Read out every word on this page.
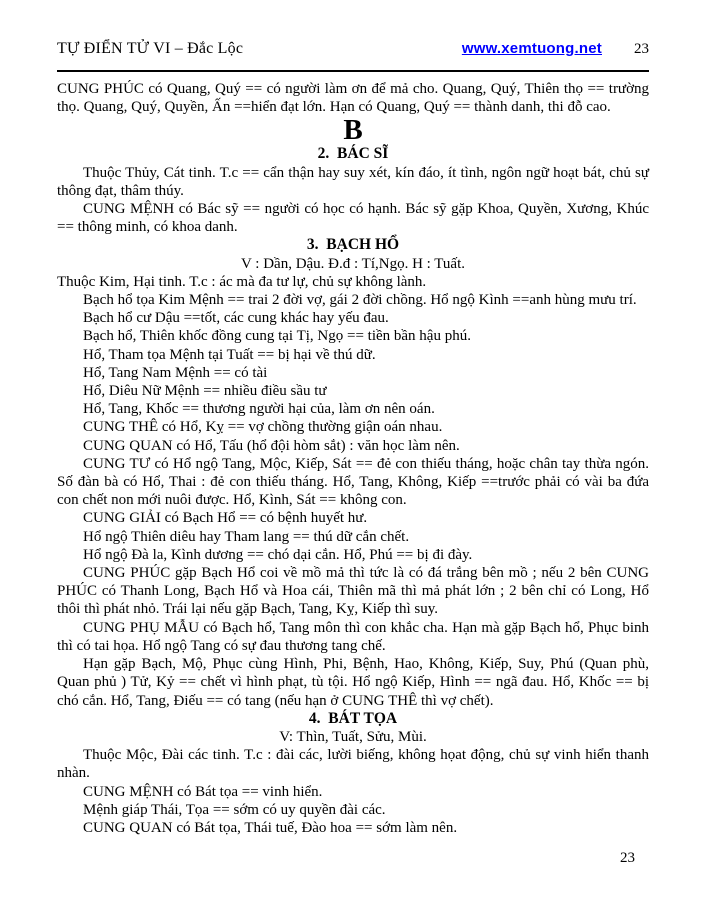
TỰ ĐIỂN TỬ VI – Đắc Lộc	www.xemtuong.net 23

CUNG PHÚC có Quang, Quý == có người làm ơn để mả cho. Quang, Quý, Thiên thọ == trường thọ. Quang, Quý, Quyền, Ấn ==hiển đạt lớn. Hạn có Quang, Quý == thành danh, thi đỗ cao.

B

2.  BÁC SĨ

Thuộc Thủy, Cát tinh. T.c == cẩn thận hay suy xét, kín đáo, ít tình, ngôn ngữ hoạt bát, chủ sự thông đạt, thâm thúy.

CUNG MỆNH có Bác sỹ == người có học có hạnh. Bác sỹ gặp Khoa, Quyền, Xương, Khúc == thông minh, có khoa danh.

3.  BẠCH HỔ

V : Dần, Dậu. Đ.đ : Tí,Ngọ. H : Tuất.

Thuộc Kim, Hại tinh. T.c : ác mà đa tư lự, chủ sự không lành.

Bạch hổ tọa Kim Mệnh == trai 2 đời vợ, gái 2 đời chồng. Hổ ngộ Kình ==anh hùng mưu trí.

Bạch hổ cư Dậu ==tốt, các cung khác hay yếu đau.

Bạch hổ, Thiên khốc đồng cung tại Tị, Ngọ == tiền bần hậu phú.

Hổ, Tham tọa Mệnh tại Tuất == bị hại về thú dữ.

Hổ, Tang Nam Mệnh == có tài

Hổ, Diêu Nữ Mệnh == nhiều điều sầu tư

Hổ, Tang, Khốc == thương người hại của, làm ơn nên oán.

CUNG THÊ có Hổ, Kỵ == vợ chồng thường giận oán nhau.

CUNG QUAN có Hổ, Tấu (hổ đội hòm sắt) : văn học làm nên.

CUNG TƯ có Hổ ngộ Tang, Mộc, Kiếp, Sát == đẻ con thiếu tháng, hoặc chân tay thừa ngón. Số đàn bà có Hổ, Thai : đẻ con thiếu tháng. Hổ, Tang, Không, Kiếp ==trước phải có vài ba đứa con chết non mới nuôi được. Hổ, Kình, Sát == không con.

CUNG GIẢI có Bạch Hổ == có bệnh huyết hư.

Hổ ngộ Thiên diêu hay Tham lang == thú dữ cắn chết.

Hổ ngộ Đà la, Kình dương == chó dại cắn. Hổ, Phú == bị đi đày.

CUNG PHÚC gặp Bạch Hổ coi về mồ mả thì tức là có đá trắng bên mồ ; nếu 2 bên CUNG PHÚC có Thanh Long, Bạch Hổ và Hoa cái, Thiên mã thì mả phát lớn ; 2 bên chỉ có Long, Hổ thôi thì phát nhỏ. Trái lại nếu gặp Bạch, Tang, Kỵ, Kiếp thì suy.

CUNG PHỤ MẪU có Bạch hổ, Tang môn thì con khắc cha. Hạn mà gặp Bạch hổ, Phục binh thì có tai họa. Hổ ngộ Tang có sự đau thương tang chế.

Hạn gặp Bạch, Mộ, Phục cùng Hình, Phi, Bệnh, Hao, Không, Kiếp, Suy, Phú (Quan phù, Quan phủ ) Tử, Kỷ == chết vì hình phạt, tù tội. Hổ ngộ Kiếp, Hình == ngã đau. Hổ, Khốc == bị chó cắn. Hổ, Tang, Điếu == có tang (nếu hạn ở CUNG THÊ thì vợ chết).

4.  BÁT TỌA

V: Thìn, Tuất, Sửu, Mùi.

Thuộc Mộc, Đài các tinh. T.c : đài các, lười biếng, không họat động, chủ sự vinh hiển thanh nhàn.

CUNG MỆNH có Bát tọa == vinh hiển.

Mệnh giáp Thái, Tọa == sớm có uy quyền đài các.

CUNG QUAN có Bát tọa, Thái tuế, Đào hoa == sớm làm nên.

23
